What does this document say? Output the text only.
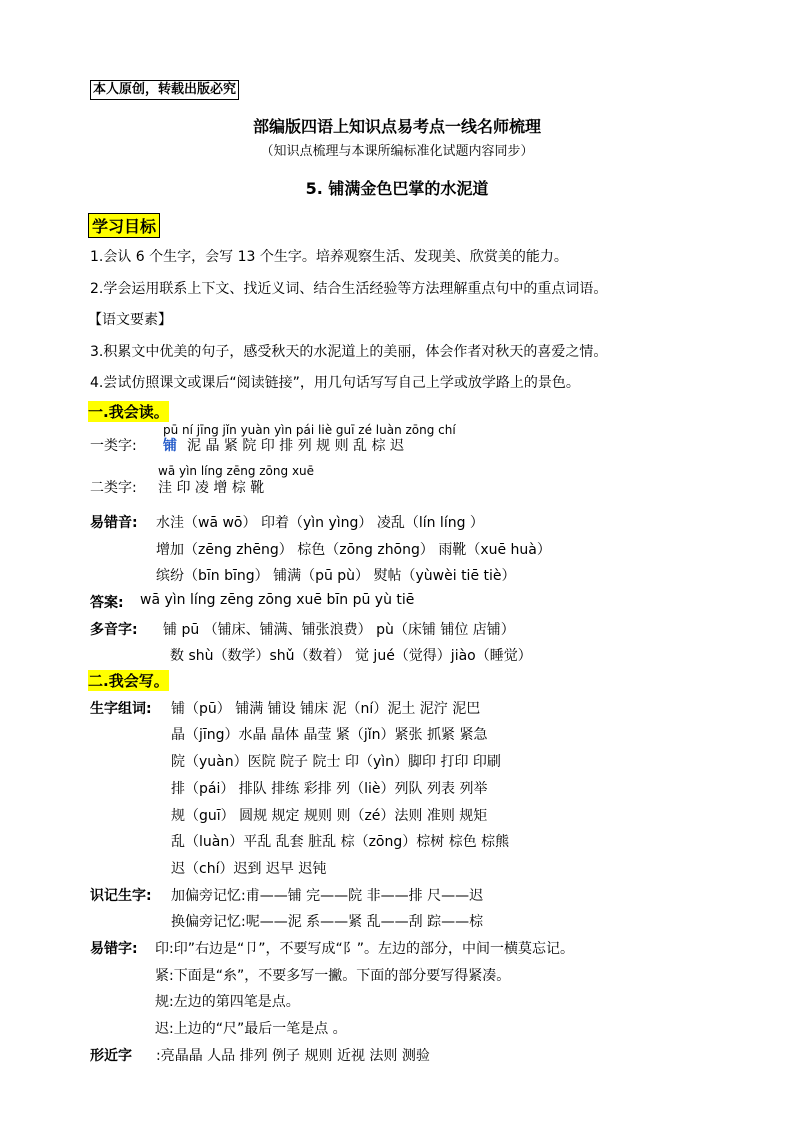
本人原创，转载出版必究
部编版四语上知识点易考点一线名师梳理
（知识点梳理与本课所编标准化试题内容同步）
5. 铺满金色巴掌的水泥道
学习目标
1.会认 6 个生字，会写 13 个生字。培养观察生活、发现美、欣赏美的能力。
2.学会运用联系上下文、找近义词、结合生活经验等方法理解重点句中的重点词语。
【语文要素】
3.积累文中优美的句子，感受秋天的水泥道上的美丽，体会作者对秋天的喜爱之情。
4.尝试仿照课文或课后“阅读链接”，用几句话写写自己上学或放学路上的景色。
一.我会读。
pū ní jīng jǐn yuàn yìn pái liè guī zé luàn zōng chí
一类字: 铺 泥 晶 紧 院 印 排 列 规 则 乱 棕 迟
wā yìn líng zēng zōng xuē
二类字: 洼 印 凌 增 棕 靴
易错音: 水洼（wā wō） 印着（yìn yìng） 凌乱（lín líng ）
增加（zēng zhēng） 棕色（zōng zhōng） 雨靴（xuē huà）
缤纷（bīn bīng） 铺满（pū pù） 熨帖（yùwèi tiē tiè）
答案: wā yìn líng zēng zōng xuē bīn pū yù tiē
多音字: 铺 pū （铺床、铺满、铺张浪费） pù（床铺 铺位 店铺）
数 shù（数学）shǔ（数着） 觉 jué（觉得）jiào（睡觉）
二.我会写。
生字组词: 铺（pū） 铺满 铺设 铺床 泥（ní）泥土 泥泞 泥巴
晶（jīng）水晶 晶体 晶莹 紧（jǐn）紧张 抓紧 紧急
院（yuàn）医院 院子 院士 印（yìn）脚印 打印 印刷
排（pái） 排队 排练 彩排 列（liè）列队 列表 列举
规（guī） 圆规 规定 规则 则（zé）法则 准则 规矩
乱（luàn）平乱 乱套 脏乱 棕（zōng）棕树 棕色 棕熊
迟（chí）迟到 迟早 迟钝
识记生字: 加偏旁记忆:甫——铺 完——院 非——排 尺——迟
换偏旁记忆:呢——泥 系——紧 乱——刮 踪——棕
易错字: 印:印”右边是“卩”，不要写成“阝”。左边的部分，中间一横莫忘记。
紧:下面是“糸”，不要多写一撇。下面的部分要写得紧凑。
规:左边的第四笔是点。
迟:上边的“尺”最后一笔是点 。
形近字 :亮晶晶 人品 排列 例子 规则 近视 法则 测验
